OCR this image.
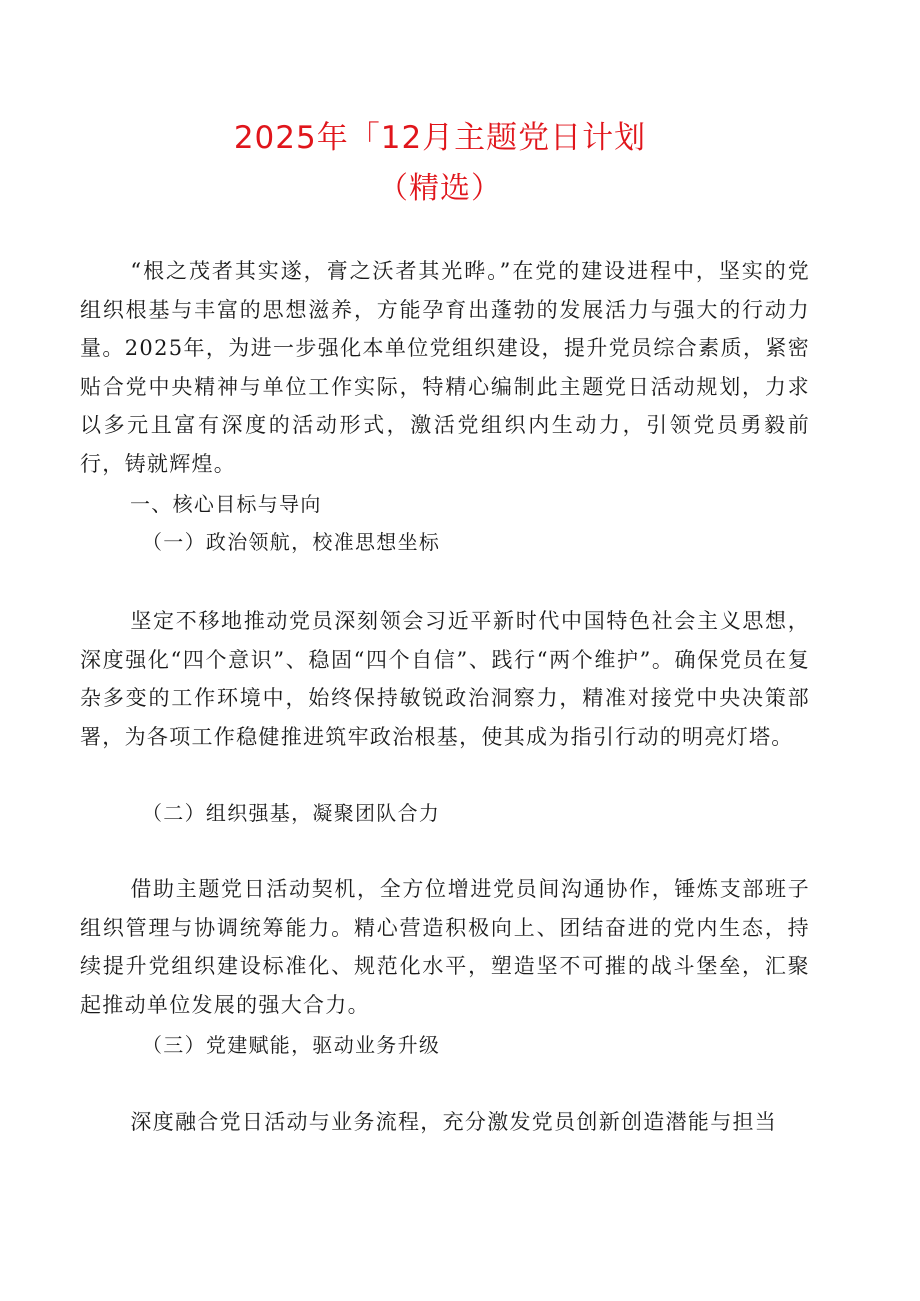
2025年「12月主题党日计划
（精选）

“根之茂者其实遂，膏之沃者其光晔。”在党的建设进程中，坚实的党组织根基与丰富的思想滋养，方能孕育出蓬勃的发展活力与强大的行动力量。2025年，为进一步强化本单位党组织建设，提升党员综合素质，紧密贴合党中央精神与单位工作实际，特精心编制此主题党日活动规划，力求以多元且富有深度的活动形式，激活党组织内生动力，引领党员勇毅前行，铸就辉煌。

一、核心目标与导向

（一）政治领航，校准思想坐标

坚定不移地推动党员深刻领会习近平新时代中国特色社会主义思想，深度强化“四个意识”、稳固“四个自信”、践行“两个维护”。确保党员在复杂多变的工作环境中，始终保持敏锐政治洞察力，精准对接党中央决策部署，为各项工作稳健推进筑牢政治根基，使其成为指引行动的明亮灯塔。

（二）组织强基，凝聚团队合力

借助主题党日活动契机，全方位增进党员间沟通协作，锤炼支部班子组织管理与协调统筹能力。精心营造积极向上、团结奋进的党内生态，持续提升党组织建设标准化、规范化水平，塑造坚不可摧的战斗堡垒，汇聚起推动单位发展的强大合力。

（三）党建赋能，驱动业务升级

深度融合党日活动与业务流程，充分激发党员创新创造潜能与担当
